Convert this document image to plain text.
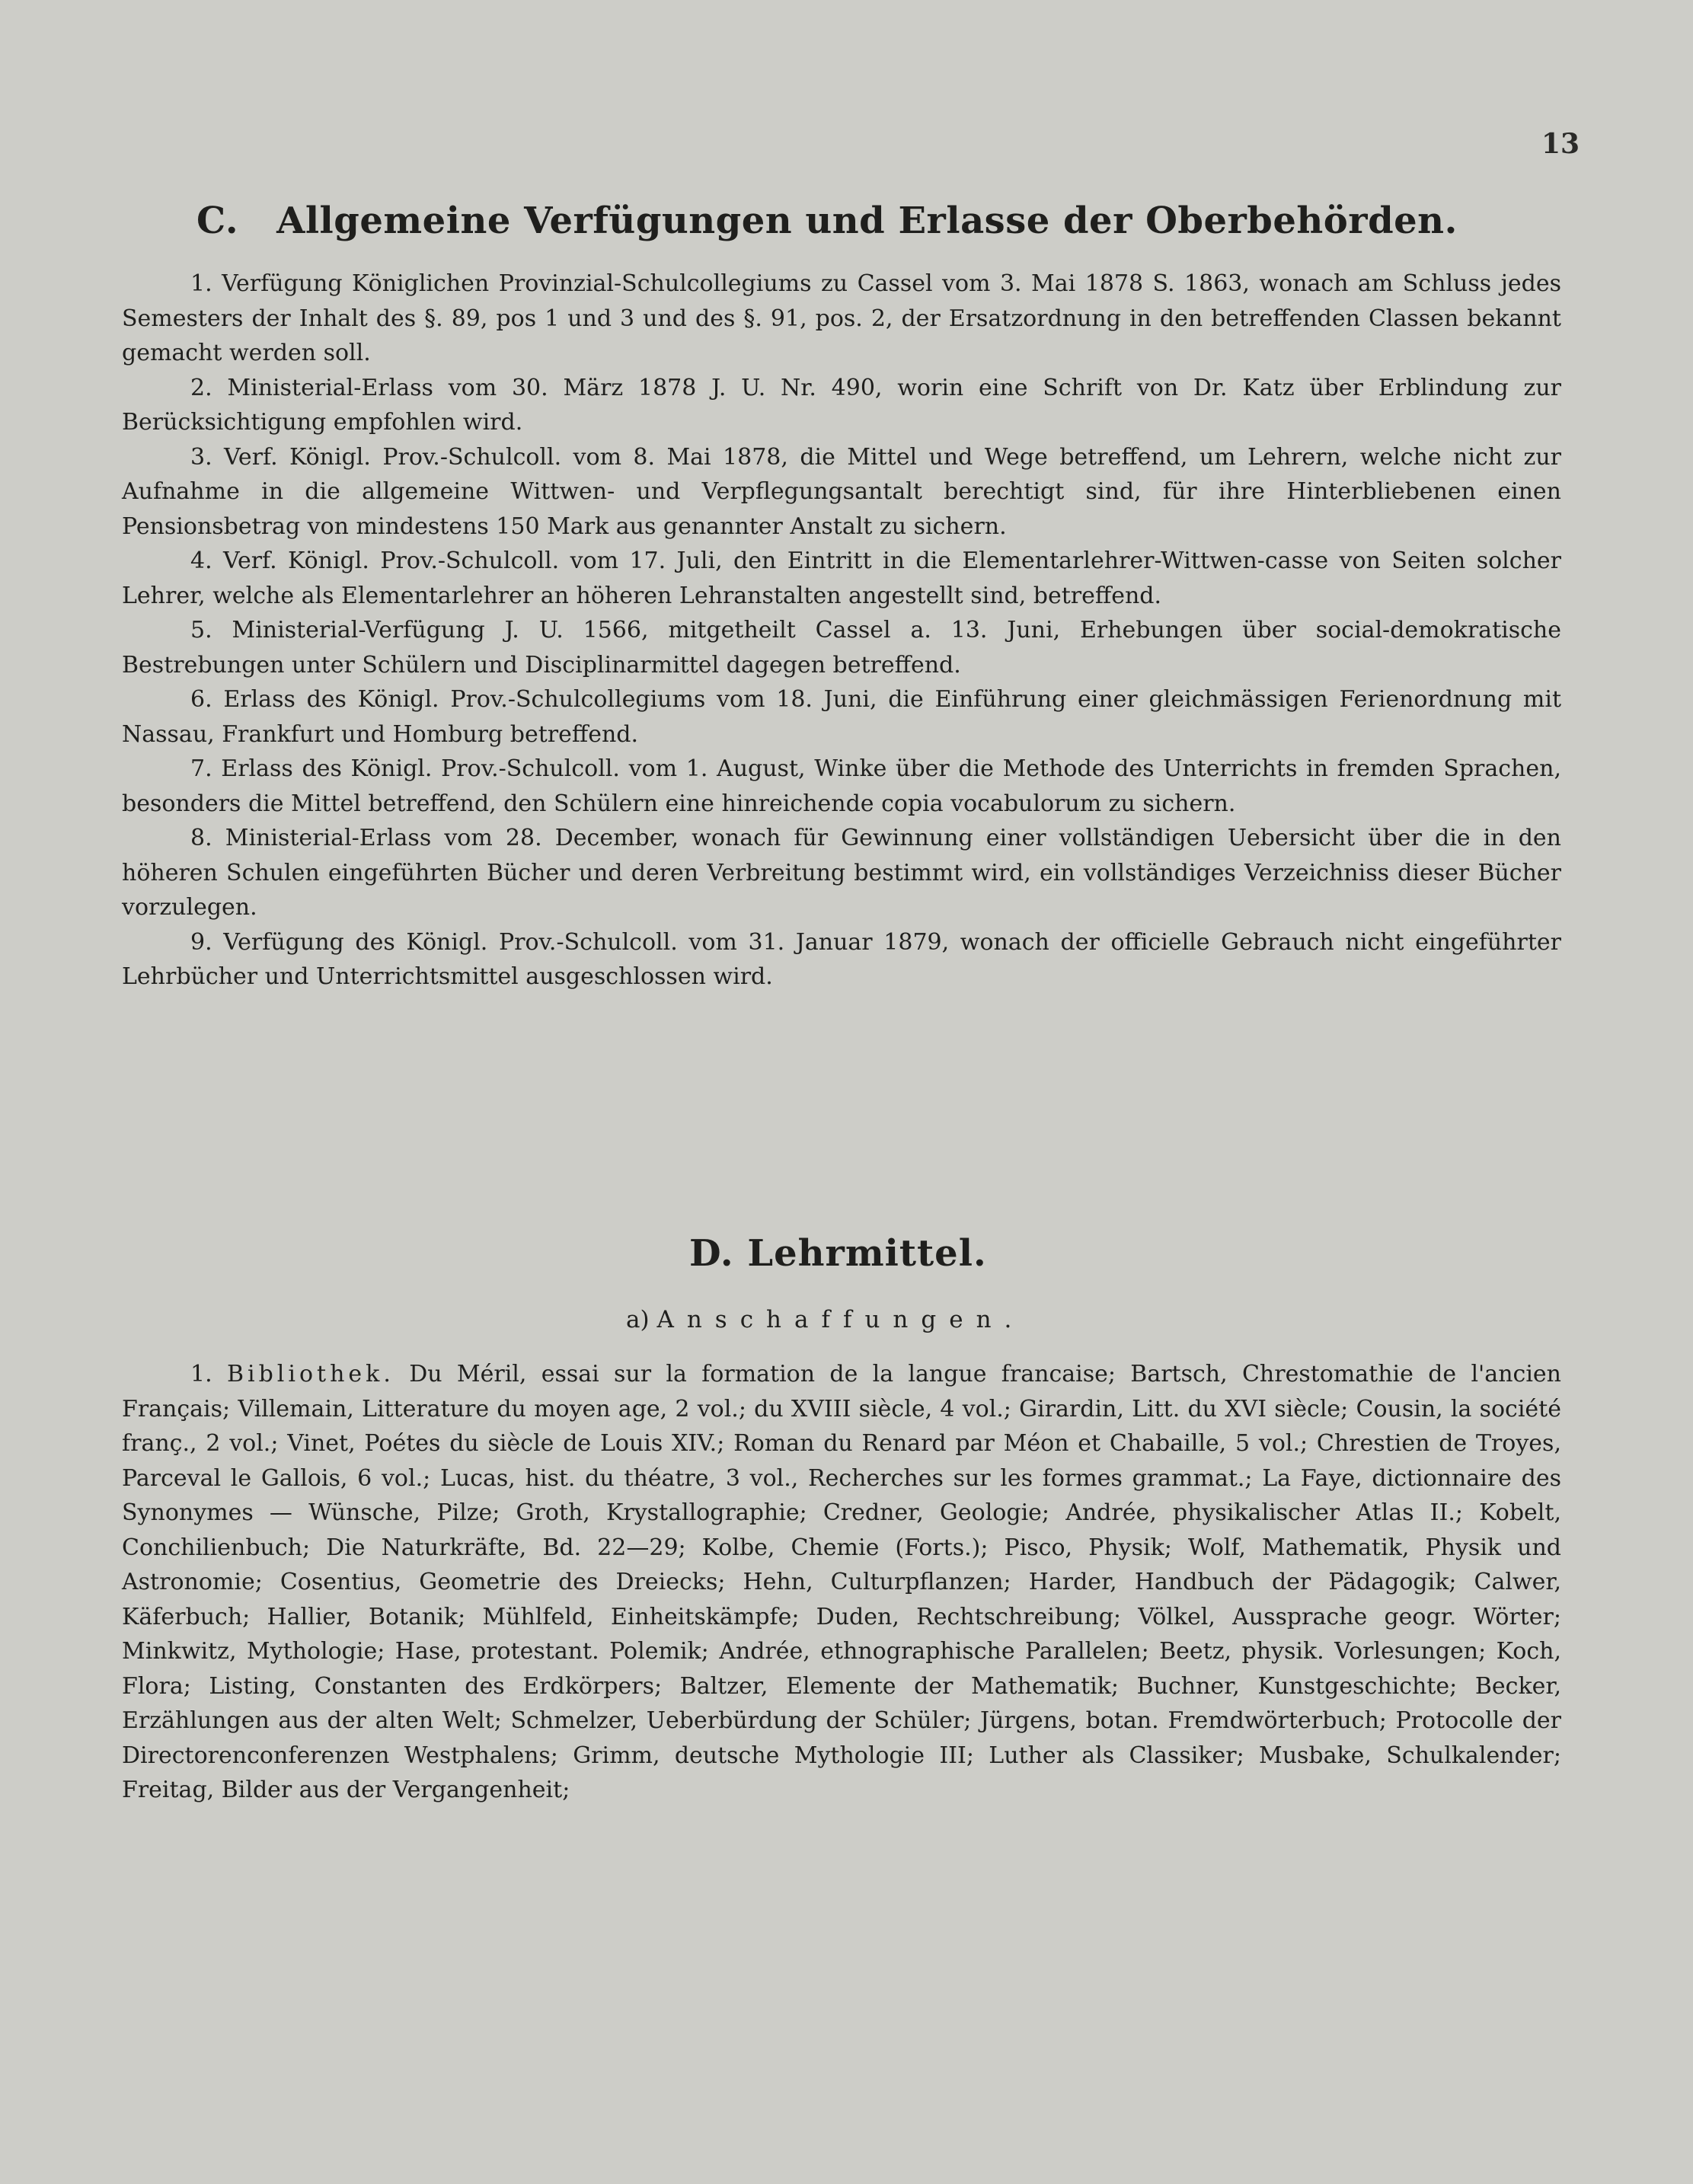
13
C. Allgemeine Verfügungen und Erlasse der Oberbehörden.

1. Verfügung Königlichen Provinzial-Schulcollegiums zu Cassel vom 3. Mai 1878 S. 1863, wonach am Schluss jedes Semesters der Inhalt des §. 89, pos 1 und 3 und des §. 91, pos. 2, der Ersatzordnung in den betreffenden Classen bekannt gemacht werden soll.

2. Ministerial-Erlass vom 30. März 1878 J. U. Nr. 490, worin eine Schrift von Dr. Katz über Erblindung zur Berücksichtigung empfohlen wird.

3. Verf. Königl. Prov.-Schulcoll. vom 8. Mai 1878, die Mittel und Wege betreffend, um Lehrern, welche nicht zur Aufnahme in die allgemeine Wittwen- und Verpflegungsantalt berechtigt sind, für ihre Hinterbliebenen einen Pensionsbetrag von mindestens 150 Mark aus genannter Anstalt zu sichern.

4. Verf. Königl. Prov.-Schulcoll. vom 17. Juli, den Eintritt in die Elementarlehrer-Wittwen-casse von Seiten solcher Lehrer, welche als Elementarlehrer an höheren Lehranstalten angestellt sind, betreffend.

5. Ministerial-Verfügung J. U. 1566, mitgetheilt Cassel a. 13. Juni, Erhebungen über social-demokratische Bestrebungen unter Schülern und Disciplinarmittel dagegen betreffend.

6. Erlass des Königl. Prov.-Schulcollegiums vom 18. Juni, die Einführung einer gleichmässigen Ferienordnung mit Nassau, Frankfurt und Homburg betreffend.

7. Erlass des Königl. Prov.-Schulcoll. vom 1. August, Winke über die Methode des Unterrichts in fremden Sprachen, besonders die Mittel betreffend, den Schülern eine hinreichende copia vocabulorum zu sichern.

8. Ministerial-Erlass vom 28. December, wonach für Gewinnung einer vollständigen Uebersicht über die in den höheren Schulen eingeführten Bücher und deren Verbreitung bestimmt wird, ein vollständiges Verzeichniss dieser Bücher vorzulegen.

9. Verfügung des Königl. Prov.-Schulcoll. vom 31. Januar 1879, wonach der officielle Gebrauch nicht eingeführter Lehrbücher und Unterrichtsmittel ausgeschlossen wird.

D. Lehrmittel.
a) Anschaffungen.

1. Bibliothek. Du Méril, essai sur la formation de la langue francaise; Bartsch, Chrestomathie de l'ancien Français; Villemain, Litterature du moyen age, 2 vol.; du XVIII siècle, 4 vol.; Girardin, Litt. du XVI siècle; Cousin, la société franç., 2 vol.; Vinet, Poétes du siècle de Louis XIV.; Roman du Renard par Méon et Chabaille, 5 vol.; Chrestien de Troyes, Parceval le Gallois, 6 vol.; Lucas, hist. du théatre, 3 vol., Recherches sur les formes grammat.; La Faye, dictionnaire des Synonymes — Wünsche, Pilze; Groth, Krystallographie; Credner, Geologie; Andrée, physikalischer Atlas II.; Kobelt, Conchilienbuch; Die Naturkräfte, Bd. 22—29; Kolbe, Chemie (Forts.); Pisco, Physik; Wolf, Mathematik, Physik und Astronomie; Cosentius, Geometrie des Dreiecks; Hehn, Culturpflanzen; Harder, Handbuch der Pädagogik; Calwer, Käferbuch; Hallier, Botanik; Mühlfeld, Einheitskämpfe; Duden, Rechtschreibung; Völkel, Aussprache geogr. Wörter; Minkwitz, Mythologie; Hase, protestant. Polemik; Andrée, ethnographische Parallelen; Beetz, physik. Vorlesungen; Koch, Flora; Listing, Constanten des Erdkörpers; Baltzer, Elemente der Mathematik; Buchner, Kunstgeschichte; Becker, Erzählungen aus der alten Welt; Schmelzer, Ueberbürdung der Schüler; Jürgens, botan. Fremdwörterbuch; Protocolle der Directorenconferenzen Westphalens; Grimm, deutsche Mythologie III; Luther als Classiker; Musbake, Schulkalender; Freitag, Bilder aus der Vergangenheit;
